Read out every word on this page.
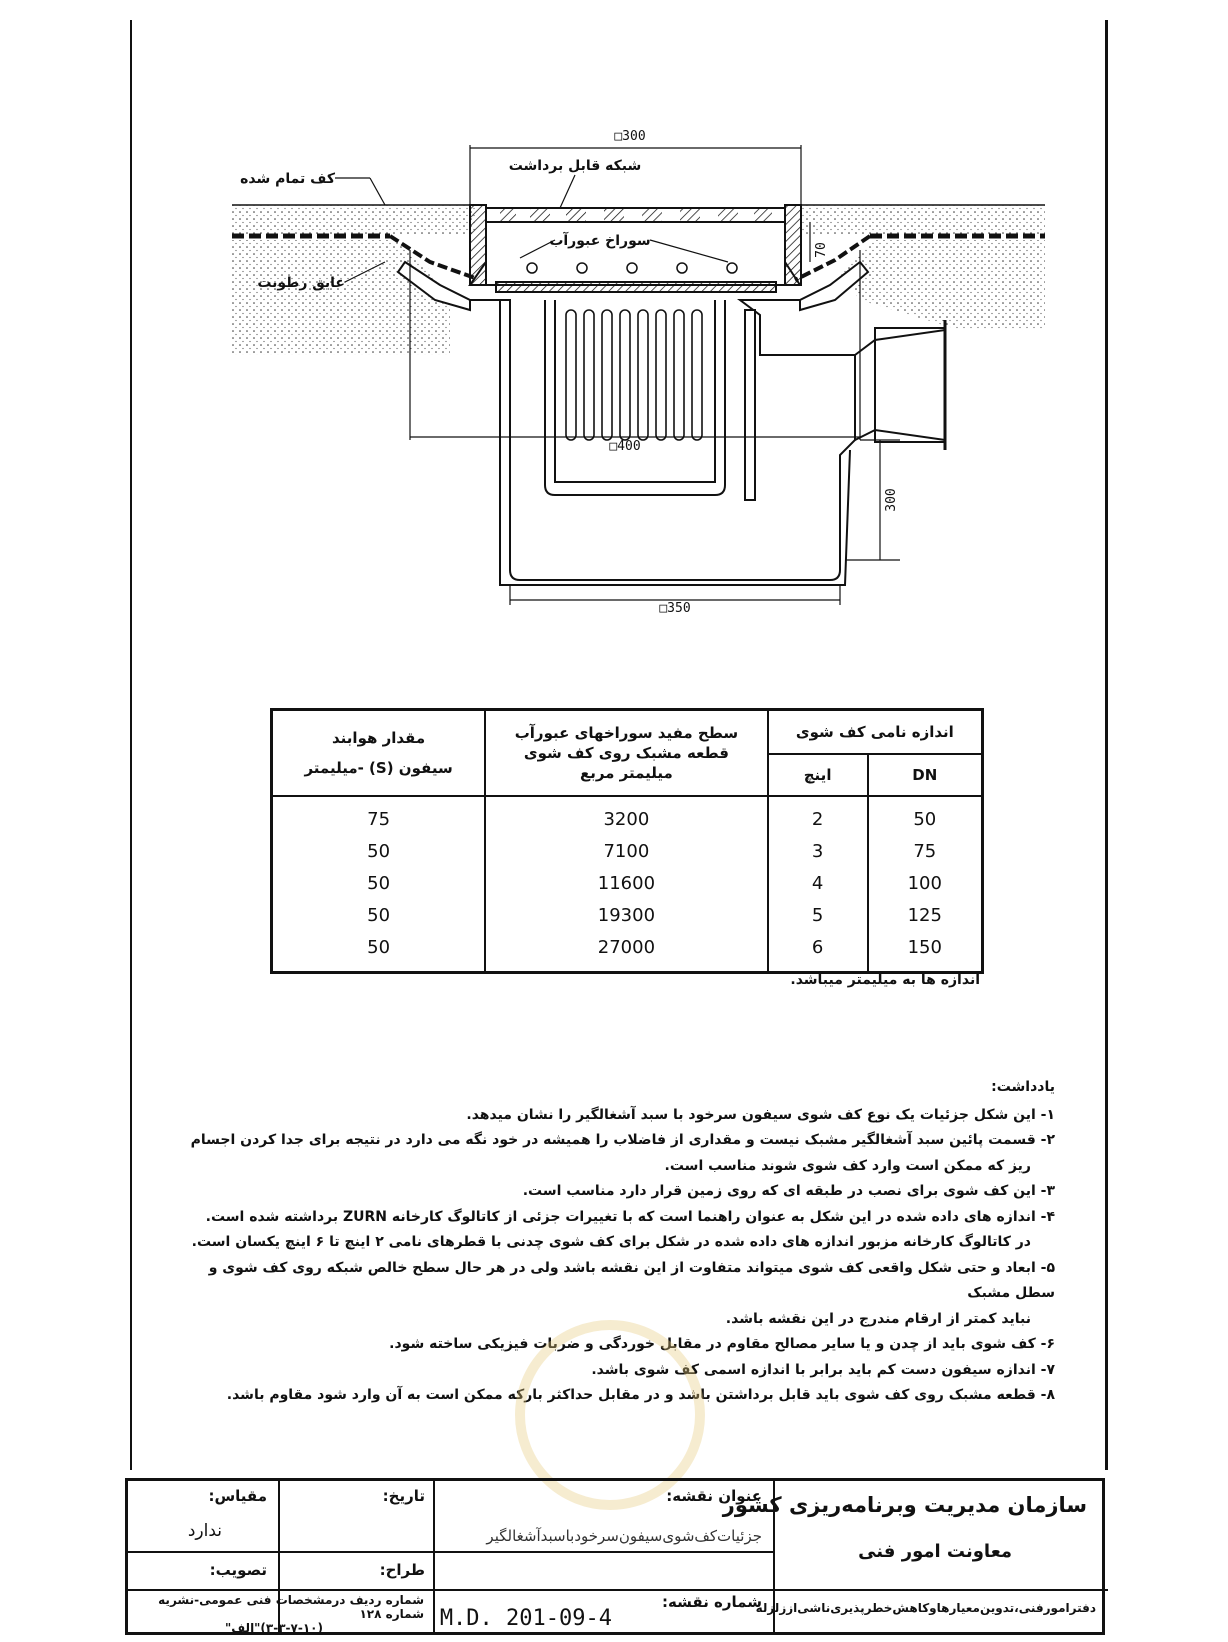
کف تمام شده
شبکه قابل برداشت
سوراخ عبورآب
عایق رطوبت
□300
□400
□350
300
70
اندازه نامی کف شوی		سطح مفید سوراخهای عبورآب قطعه مشبک روی کف شوی میلیمتر مربع	مقدار هوابند
سیفون (S) -میلیمتر

DN	اینچ		
50	2	3200	75
75	3	7100	50
100	4	11600	50
125	5	19300	50
150	6	27000	50
اندازه ها به میلیمتر میباشد.
یادداشت:

۱- این شکل جزئیات یک نوع کف شوی سیفون سرخود با سبد آشغالگیر را نشان میدهد.

۲- قسمت پائین سبد آشغالگیر مشبک نیست و مقداری از فاضلاب را همیشه در خود نگه می دارد در نتیجه برای جدا کردن اجسام

ریز که ممکن است وارد کف شوی شوند مناسب است.

۳- این کف شوی برای نصب در طبقه ای که روی زمین قرار دارد مناسب است.

۴- اندازه های داده شده در این شکل به عنوان راهنما است که با تغییرات جزئی از کاتالوگ کارخانه ZURN برداشته شده است.

در کاتالوگ کارخانه مزبور اندازه های داده شده در شکل برای کف شوی چدنی با قطرهای نامی ۲ اینچ تا ۶ اینچ یکسان است.

۵- ابعاد و حتی شکل واقعی کف شوی میتواند متفاوت از این نقشه باشد ولی در هر حال سطح خالص شبکه روی کف شوی و سطل مشبک

نباید کمتر از ارقام مندرج در این نقشه باشد.

۶- کف شوی باید از چدن و یا سایر مصالح مقاوم در مقابل خوردگی و ضربات فیزیکی ساخته شود.

۷- اندازه سیفون دست کم باید برابر با اندازه اسمی کف شوی باشد.

۸- قطعه مشبک روی کف شوی باید قابل برداشتن باشد و در مقابل حداکثر بارکه ممکن است به آن وارد شود مقاوم باشد.

سازمان مدیریت وبرنامه‌ریزی کشور
معاونت امور فنی
دفترامورفنی،تدوین‌معیارهاوکاهش‌خطرپذیری‌ناشی‌اززلزله
عنوان نقشه:
جزئیات‌کف‌شوی‌سیفون‌سرخودباسبدآشغالگیر
شماره نقشه:
M.D. 201-09-4
تاریخ:
طراح:
مقیاس:
ندارد
تصویب:
شماره ردیف درمشخصات فنی عمومی-نشریه شماره ۱۲۸
(۳-۳-۷-۱۰)"الف"
